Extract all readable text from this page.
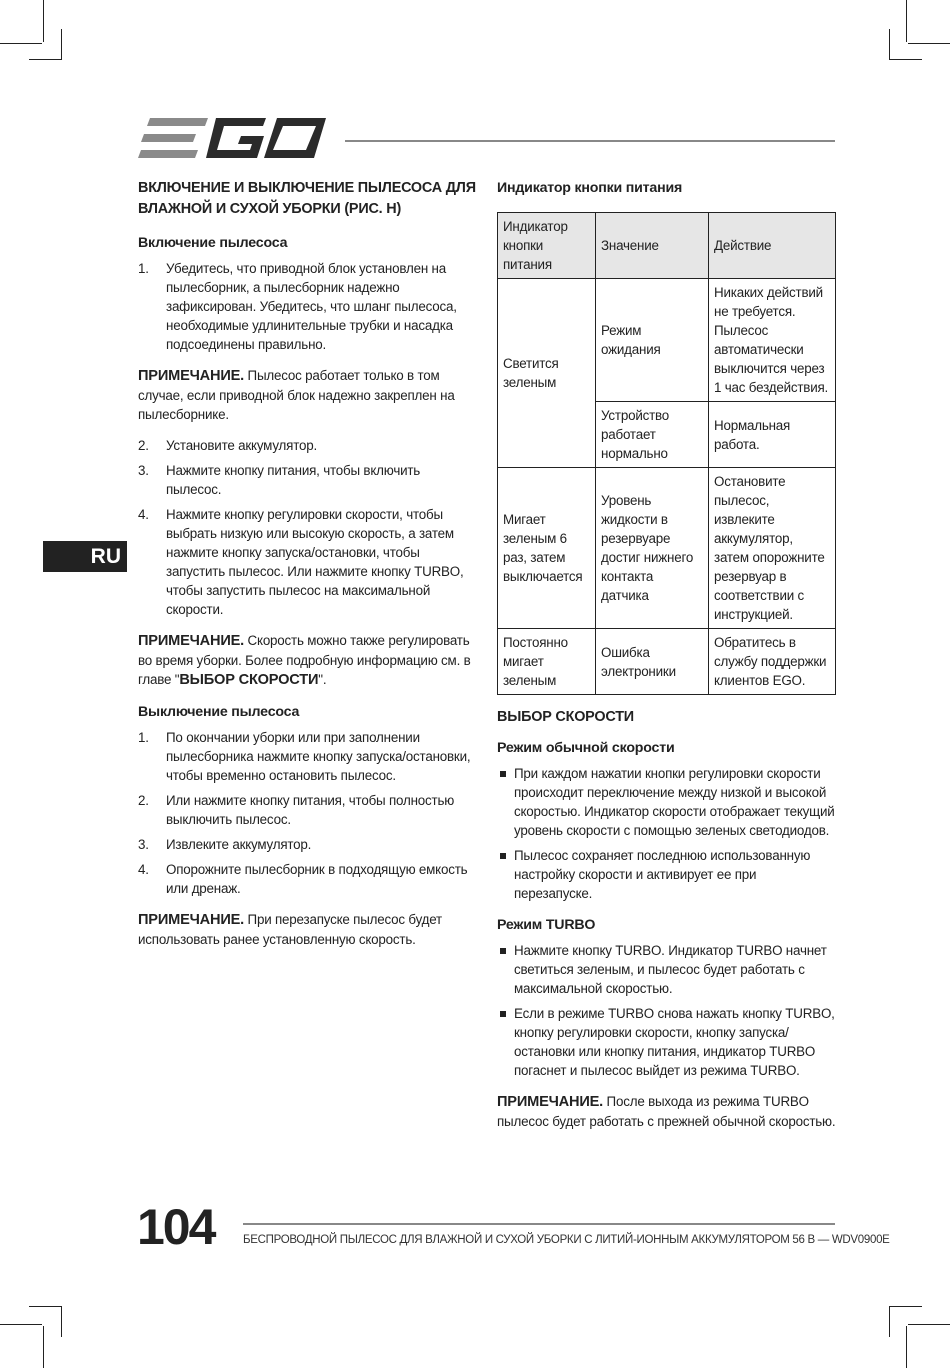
RU
ВКЛЮЧЕНИЕ И ВЫКЛЮЧЕНИЕ ПЫЛЕСОСА ДЛЯ ВЛАЖНОЙ И СУХОЙ УБОРКИ (РИС. H)
Включение пылесоса
1. Убедитесь, что приводной блок установлен на пылесборник, а пылесборник надежно зафиксирован. Убедитесь, что шланг пылесоса, необходимые удлинительные трубки и насадка подсоединены правильно.

ПРИМЕЧАНИЕ. Пылесос работает только в том случае, если приводной блок надежно закреплен на пылесборнике.

2. Установите аккумулятор.
3. Нажмите кнопку питания, чтобы включить пылесос.
4. Нажмите кнопку регулировки скорости, чтобы выбрать низкую или высокую скорость, а затем нажмите кнопку запуска/остановки, чтобы запустить пылесос. Или нажмите кнопку TURBO, чтобы запустить пылесос на максимальной скорости.

ПРИМЕЧАНИЕ. Скорость можно также регулировать во время уборки. Более подробную информацию см. в главе "ВЫБОР СКОРОСТИ".

Выключение пылесоса
1. По окончании уборки или при заполнении пылесборника нажмите кнопку запуска/остановки, чтобы временно остановить пылесос.
2. Или нажмите кнопку питания, чтобы полностью выключить пылесос.
3. Извлеките аккумулятор.
4. Опорожните пылесборник в подходящую емкость или дренаж.

ПРИМЕЧАНИЕ. При перезапуске пылесос будет использовать ранее установленную скорость.

Индикатор кнопки питания
Индикатор кнопки питания	Значение	Действие
Светится зеленым	Режим ожидания	Никаких действий не требуется. Пылесос автоматически выключится через 1 час бездействия.
	Устройство работает нормально	Нормальная работа.
Мигает зеленым 6 раз, затем выключается	Уровень жидкости в резервуаре достиг нижнего контакта датчика	Остановите пылесос, извлеките аккумулятор, затем опорожните резервуар в соответствии с инструкцией.
Постоянно мигает зеленым	Ошибка электроники	Обратитесь в службу поддержки клиентов EGO.
ВЫБОР СКОРОСТИ
Режим обычной скорости
При каждом нажатии кнопки регулировки скорости происходит переключение между низкой и высокой скоростью. Индикатор скорости отображает текущий уровень скорости с помощью зеленых светодиодов.
Пылесос сохраняет последнюю использованную настройку скорости и активирует ее при перезапуске.
Режим TURBO
Нажмите кнопку TURBO. Индикатор TURBO начнет светиться зеленым, и пылесос будет работать с максимальной скоростью.
Если в режиме TURBO снова нажать кнопку TURBO, кнопку регулировки скорости, кнопку запуска/ остановки или кнопку питания, индикатор TURBO погаснет и пылесос выйдет из режима TURBO.

ПРИМЕЧАНИЕ. После выхода из режима TURBO пылесос будет работать с прежней обычной скоростью.

104 БЕСПРОВОДНОЙ ПЫЛЕСОС ДЛЯ ВЛАЖНОЙ И СУХОЙ УБОРКИ С ЛИТИЙ-ИОННЫМ АККУМУЛЯТОРОМ 56 В — WDV0900E
